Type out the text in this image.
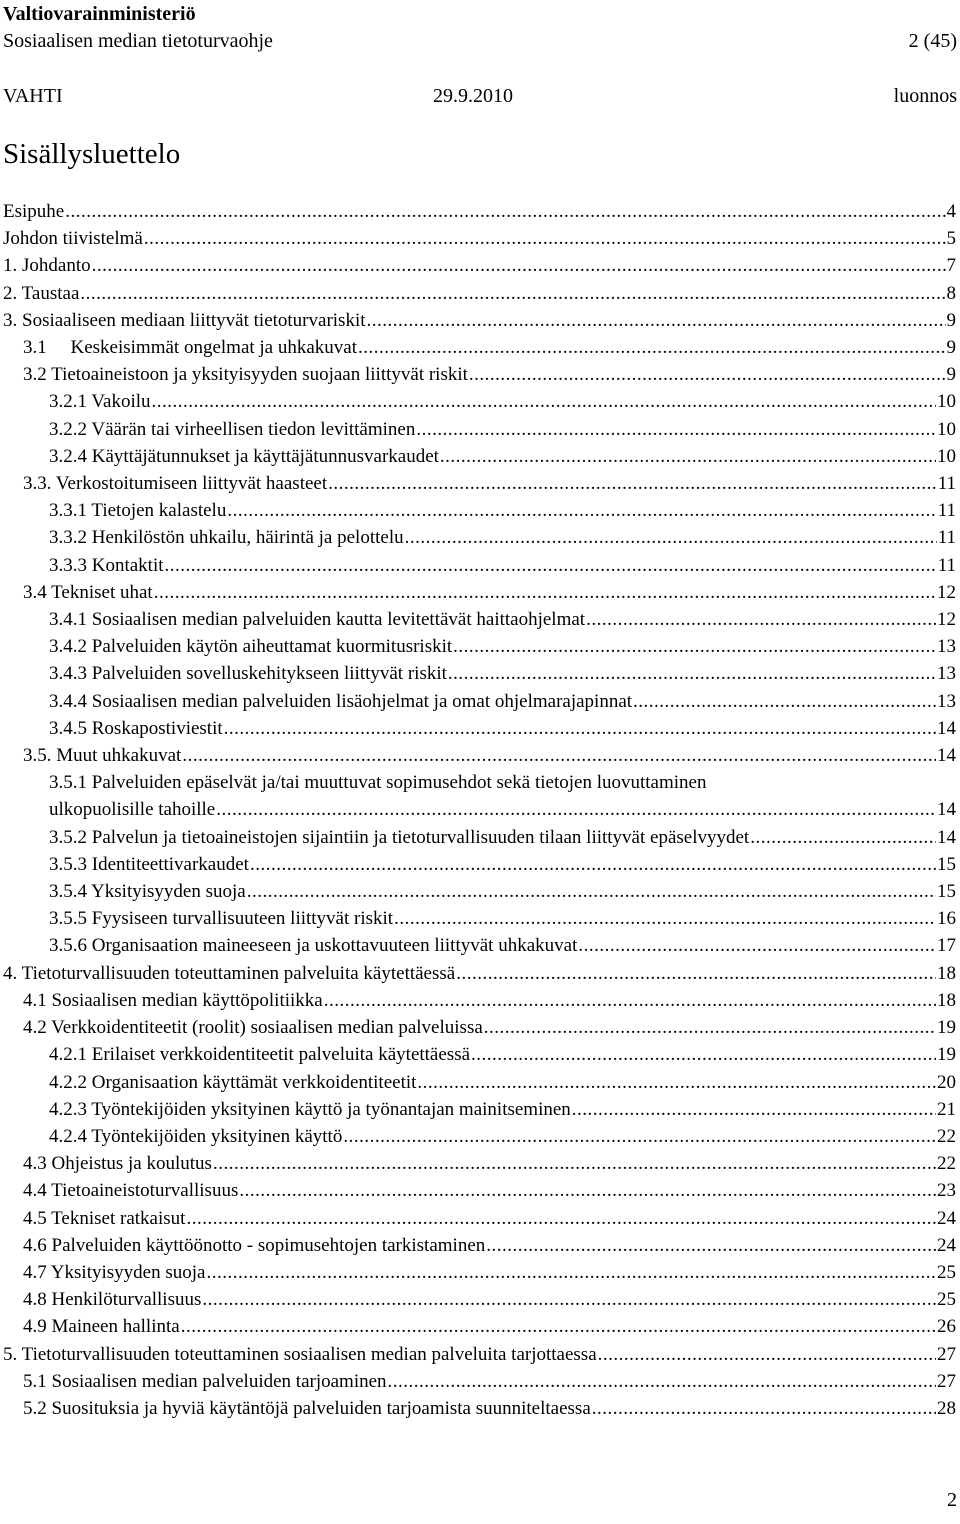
Valtiovarainministeriö
Sosiaalisen median tietoturvaohje	2 (45)
VAHTI	29.9.2010	luonnos
Sisällysluettelo
Esipuhe .....	4
Johdon tiivistelmä .....	5
1. Johdanto .....	7
2. Taustaa .....	8
3. Sosiaaliseen mediaan liittyvät tietoturvariskit .....	9
3.1     Keskeisimmät ongelmat ja uhkakuvat .....	9
3.2 Tietoaineistoon ja yksityisyyden suojaan liittyvät riskit .....	9
3.2.1 Vakoilu .....	10
3.2.2 Väärän tai virheellisen tiedon levittäminen .....	10
3.2.4 Käyttäjätunnukset ja käyttäjätunnusvarkaudet .....	10
3.3. Verkostoitumiseen liittyvät haasteet .....	11
3.3.1 Tietojen kalastelu .....	11
3.3.2 Henkilöstön uhkailu, häirintä ja pelottelu .....	11
3.3.3 Kontaktit .....	11
3.4 Tekniset uhat .....	12
3.4.1 Sosiaalisen median palveluiden kautta levitettävät haittaohjelmat .....	12
3.4.2 Palveluiden käytön aiheuttamat kuormitusriskit .....	13
3.4.3 Palveluiden sovelluskehitykseen liittyvät riskit .....	13
3.4.4 Sosiaalisen median palveluiden lisäohjelmat ja omat ohjelmarajapinnat .....	13
3.4.5 Roskapostiviestit .....	14
3.5. Muut uhkakuvat .....	14
3.5.1 Palveluiden epäselvät ja/tai muuttuvat sopimusehdot sekä tietojen luovuttaminen
ulkopuolisille tahoille .....	14
3.5.2 Palvelun ja tietoaineistojen sijaintiin ja tietoturvallisuuden tilaan liittyvät epäselvyydet .....	14
3.5.3 Identiteettivarkaudet .....	15
3.5.4 Yksityisyyden suoja .....	15
3.5.5 Fyysiseen turvallisuuteen liittyvät riskit .....	16
3.5.6 Organisaation maineeseen ja uskottavuuteen liittyvät uhkakuvat .....	17
4. Tietoturvallisuuden toteuttaminen palveluita käytettäessä .....	18
4.1 Sosiaalisen median käyttöpolitiikka .....	18
4.2 Verkkoidentiteetit (roolit) sosiaalisen median palveluissa .....	19
4.2.1 Erilaiset verkkoidentiteetit palveluita käytettäessä .....	19
4.2.2 Organisaation käyttämät verkkoidentiteetit .....	20
4.2.3 Työntekijöiden yksityinen käyttö ja työnantajan mainitseminen .....	21
4.2.4 Työntekijöiden yksityinen käyttö .....	22
4.3 Ohjeistus ja koulutus .....	22
4.4 Tietoaineistoturvallisuus .....	23
4.5 Tekniset ratkaisut .....	24
4.6 Palveluiden käyttöönotto - sopimusehtojen tarkistaminen .....	24
4.7 Yksityisyyden suoja .....	25
4.8 Henkilöturvallisuus .....	25
4.9 Maineen hallinta .....	26
5. Tietoturvallisuuden toteuttaminen sosiaalisen median palveluita tarjottaessa .....	27
5.1 Sosiaalisen median palveluiden tarjoaminen .....	27
5.2 Suosituksia ja hyviä käytäntöjä palveluiden tarjoamista suunniteltaessa .....	28
2
